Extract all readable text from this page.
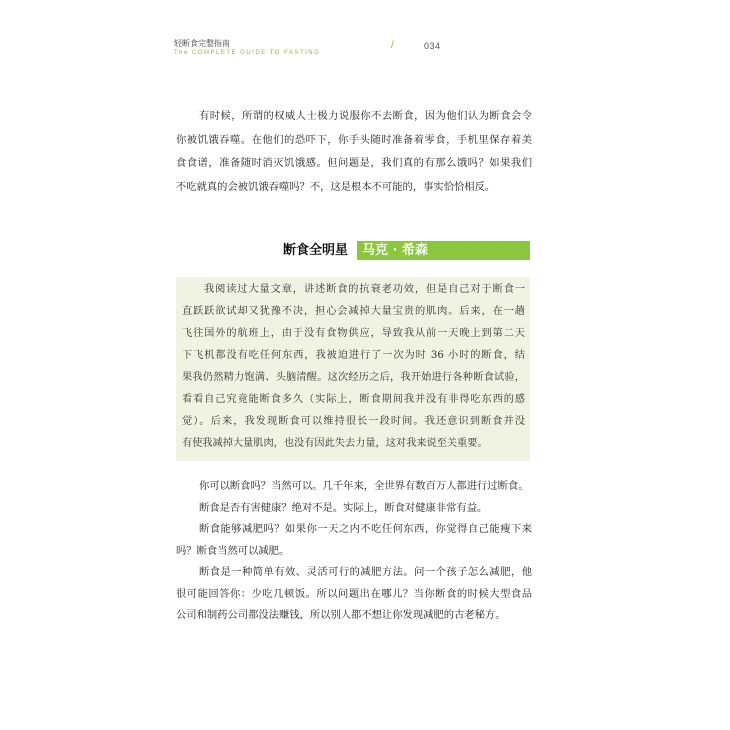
轻断食完整指南
The COMPLETE GUIDE TO FASTING
/	034
有时候，所谓的权威人士极力说服你不去断食，因为他们认为断食会令
你被饥饿吞噬。在他们的恐吓下，你手头随时准备着零食，手机里保存着美
食食谱，准备随时消灭饥饿感。但问题是，我们真的有那么饿吗？如果我们
不吃就真的会被饥饿吞噬吗？不，这是根本不可能的，事实恰恰相反。
断食全明星 马克 · 希森
我阅读过大量文章，讲述断食的抗衰老功效，但是自己对于断食一
直跃跃欲试却又犹豫不决，担心会减掉大量宝贵的肌肉。后来，在一趟
飞往国外的航班上，由于没有食物供应，导致我从前一天晚上到第二天
下飞机都没有吃任何东西，我被迫进行了一次为时 36 小时的断食，结
果我仍然精力饱满、头脑清醒。这次经历之后，我开始进行各种断食试验，
看看自己究竟能断食多久（实际上，断食期间我并没有非得吃东西的感
觉）。后来，我发现断食可以维持很长一段时间。我还意识到断食并没
有使我减掉大量肌肉，也没有因此失去力量，这对我来说至关重要。
你可以断食吗？当然可以。几千年来，全世界有数百万人都进行过断食。
断食是否有害健康？绝对不是。实际上，断食对健康非常有益。
断食能够减肥吗？如果你一天之内不吃任何东西，你觉得自己能瘦下来
吗？断食当然可以减肥。
断食是一种简单有效、灵活可行的减肥方法。问一个孩子怎么减肥，他
很可能回答你：少吃几顿饭。所以问题出在哪儿？当你断食的时候大型食品
公司和制药公司都没法赚钱，所以别人都不想让你发现减肥的古老秘方。
